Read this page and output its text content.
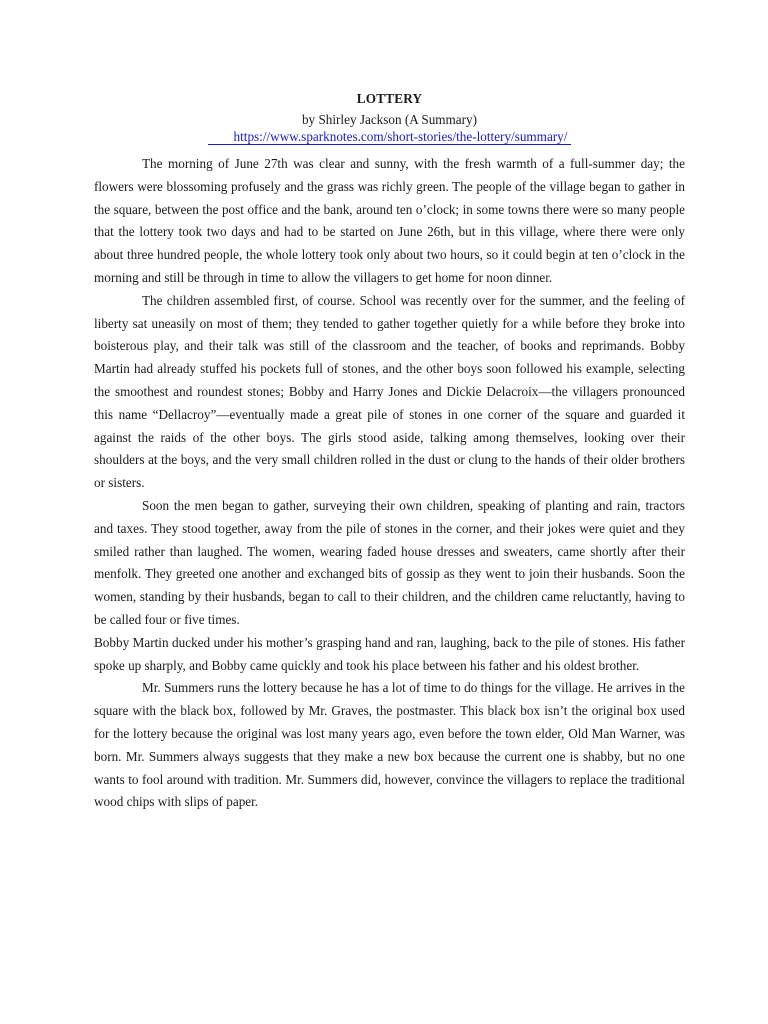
LOTTERY

by Shirley Jackson (A Summary)

https://www.sparknotes.com/short-stories/the-lottery/summary/

The morning of June 27th was clear and sunny, with the fresh warmth of a full-summer day; the flowers were blossoming profusely and the grass was richly green. The people of the village began to gather in the square, between the post office and the bank, around ten o’clock; in some towns there were so many people that the lottery took two days and had to be started on June 26th, but in this village, where there were only about three hundred people, the whole lottery took only about two hours, so it could begin at ten o’clock in the morning and still be through in time to allow the villagers to get home for noon dinner.

The children assembled first, of course. School was recently over for the summer, and the feeling of liberty sat uneasily on most of them; they tended to gather together quietly for a while before they broke into boisterous play, and their talk was still of the classroom and the teacher, of books and reprimands. Bobby Martin had already stuffed his pockets full of stones, and the other boys soon followed his example, selecting the smoothest and roundest stones; Bobby and Harry Jones and Dickie Delacroix—the villagers pronounced this name “Dellacroy”—eventually made a great pile of stones in one corner of the square and guarded it against the raids of the other boys. The girls stood aside, talking among themselves, looking over their shoulders at the boys, and the very small children rolled in the dust or clung to the hands of their older brothers or sisters.

Soon the men began to gather, surveying their own children, speaking of planting and rain, tractors and taxes. They stood together, away from the pile of stones in the corner, and their jokes were quiet and they smiled rather than laughed. The women, wearing faded house dresses and sweaters, came shortly after their menfolk. They greeted one another and exchanged bits of gossip as they went to join their husbands. Soon the women, standing by their husbands, began to call to their children, and the children came reluctantly, having to be called four or five times.

Bobby Martin ducked under his mother’s grasping hand and ran, laughing, back to the pile of stones. His father spoke up sharply, and Bobby came quickly and took his place between his father and his oldest brother.

Mr. Summers runs the lottery because he has a lot of time to do things for the village. He arrives in the square with the black box, followed by Mr. Graves, the postmaster. This black box isn’t the original box used for the lottery because the original was lost many years ago, even before the town elder, Old Man Warner, was born. Mr. Summers always suggests that they make a new box because the current one is shabby, but no one wants to fool around with tradition. Mr. Summers did, however, convince the villagers to replace the traditional wood chips with slips of paper.
